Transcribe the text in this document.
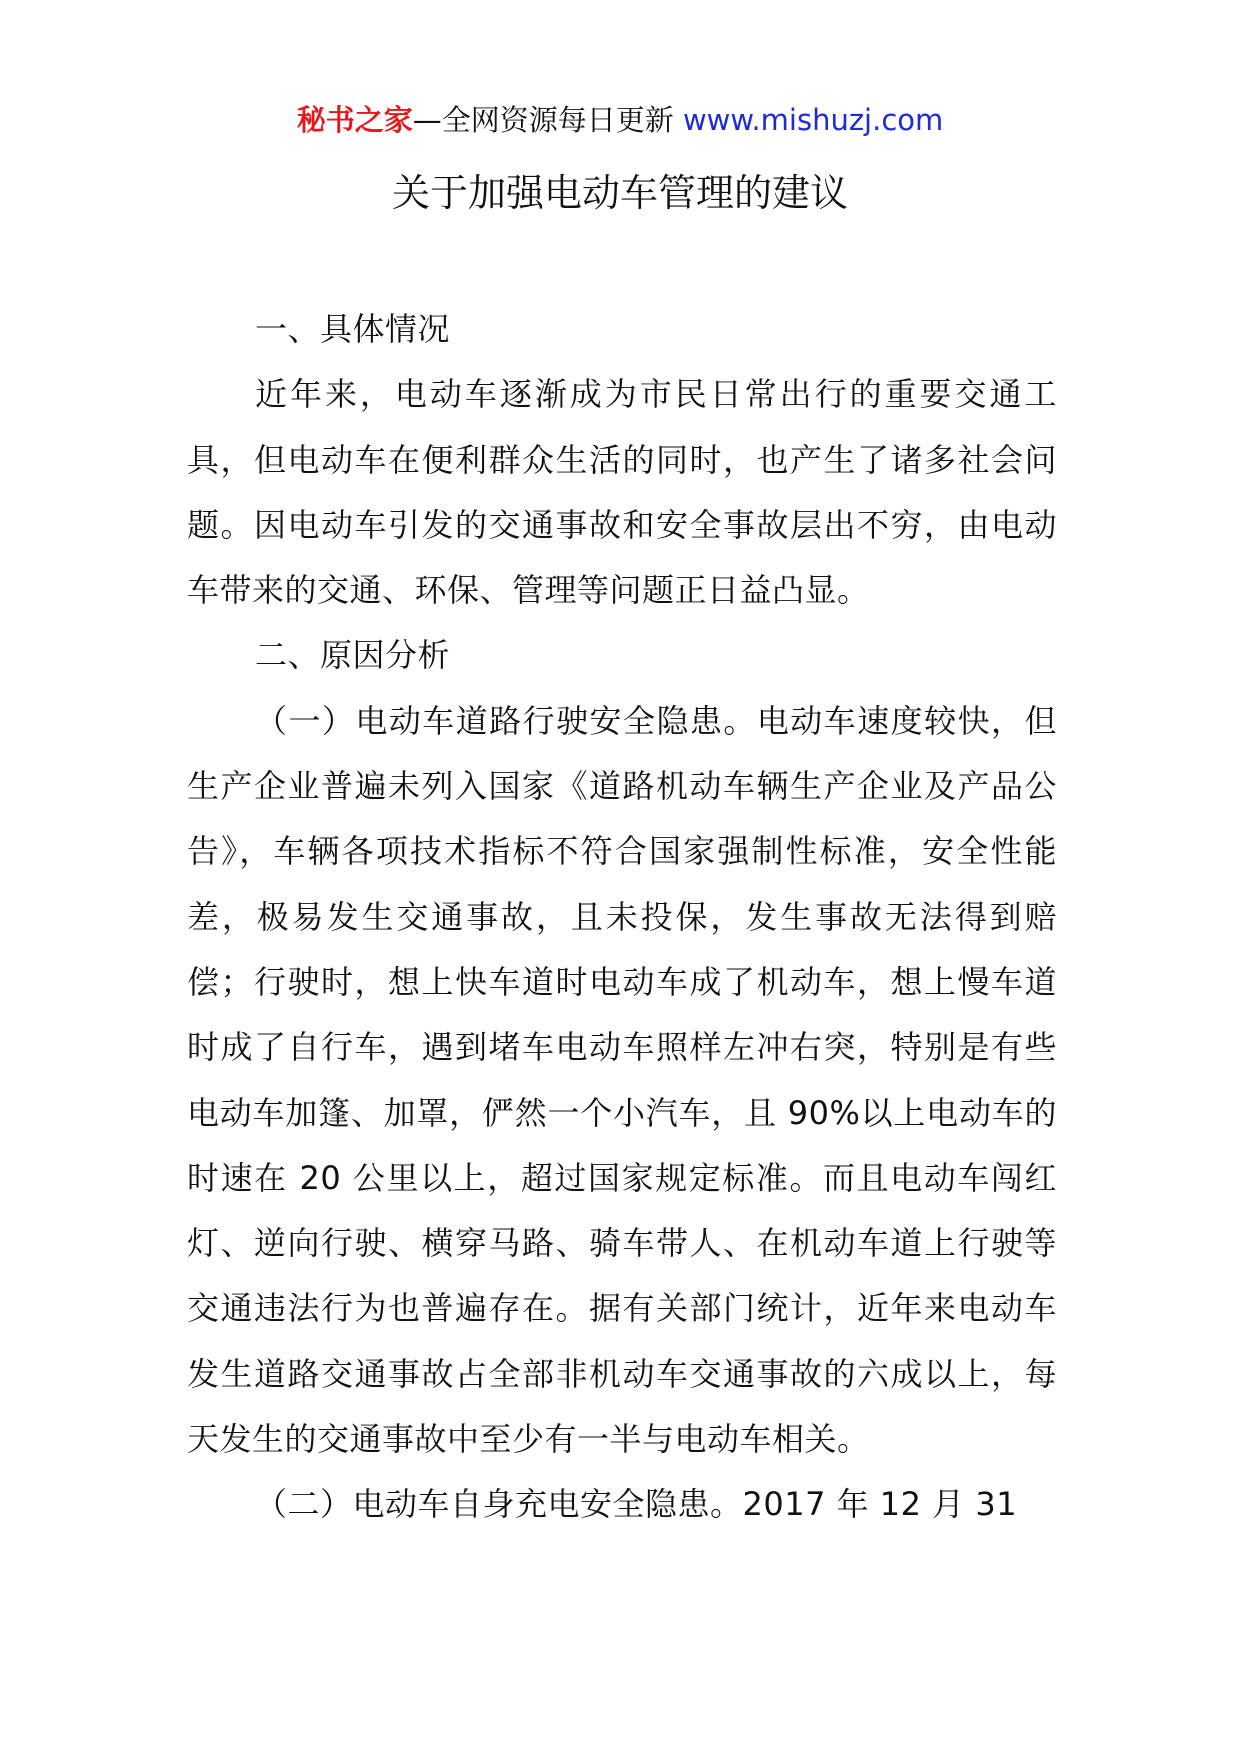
秘书之家—全网资源每日更新 www.mishuzj.com
关于加强电动车管理的建议

一、具体情况

近年来，电动车逐渐成为市民日常出行的重要交通工具，但电动车在便利群众生活的同时，也产生了诸多社会问题。因电动车引发的交通事故和安全事故层出不穷，由电动车带来的交通、环保、管理等问题正日益凸显。

二、原因分析

（一）电动车道路行驶安全隐患。电动车速度较快，但生产企业普遍未列入国家《道路机动车辆生产企业及产品公告》，车辆各项技术指标不符合国家强制性标准，安全性能差，极易发生交通事故，且未投保，发生事故无法得到赔偿；行驶时，想上快车道时电动车成了机动车，想上慢车道时成了自行车，遇到堵车电动车照样左冲右突，特别是有些电动车加篷、加罩，俨然一个小汽车，且 90%以上电动车的时速在 20 公里以上，超过国家规定标准。而且电动车闯红灯、逆向行驶、横穿马路、骑车带人、在机动车道上行驶等交通违法行为也普遍存在。据有关部门统计，近年来电动车发生道路交通事故占全部非机动车交通事故的六成以上，每天发生的交通事故中至少有一半与电动车相关。

（二）电动车自身充电安全隐患。2017 年 12 月 31
